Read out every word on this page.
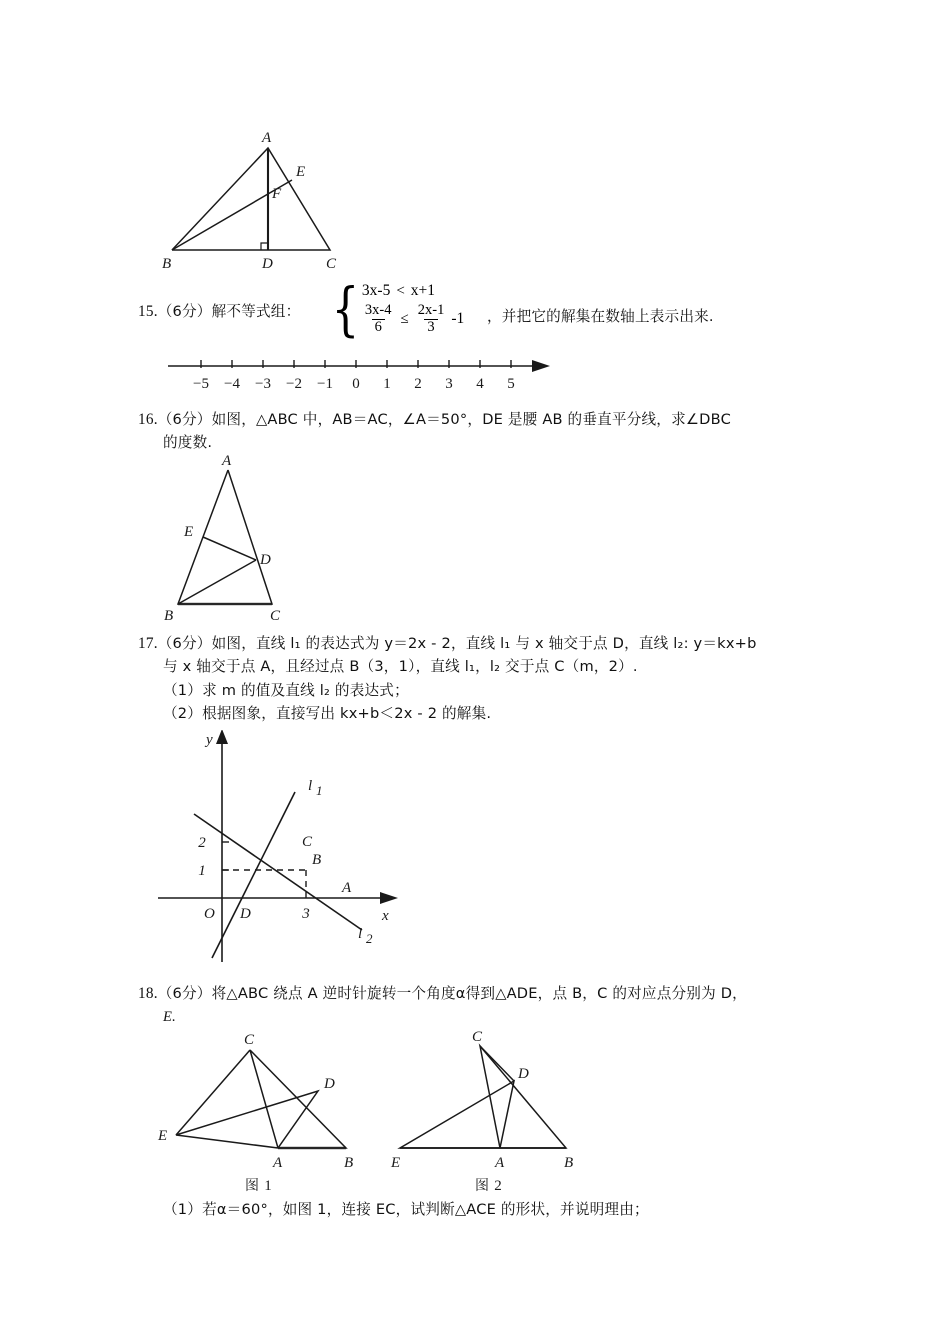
A
E
F
B	D	C
15.（6分）解不等式组： { 3x-5 < x+1
$\frac{3x-4}{6} \le \frac{2x-1}{3} -1$ ，并把它的解集在数轴上表示出来.
−5 −4 −3 −2 −1 0 1 2 3 4 5
16.（6分）如图，△ABC 中，AB＝AC，∠A＝50°，DE 是腰 AB 的垂直平分线，求∠DBC
的度数.
A
E
D
B	C
17.（6分）如图，直线 l₁ 的表达式为 y＝2x - 2，直线 l₁ 与 x 轴交于点 D，直线 l₂: y＝kx+b
与 x 轴交于点 A，且经过点 B（3，1），直线 l₁，l₂ 交于点 C（m，2）.
（1）求 m 的值及直线 l₂ 的表达式；
（2）根据图象，直接写出 kx+b＜2x - 2 的解集.
1
2
3
O	x
y
C
B
A
D
l 1
l 2
18.（6分）将△ABC 绕点 A 逆时针旋转一个角度α得到△ADE，点 B，C 的对应点分别为 D，
E.
C
D
E
A	B
图 1
C
D
E	A	B
图 2
（1）若α＝60°，如图 1，连接 EC，试判断△ACE 的形状，并说明理由；
